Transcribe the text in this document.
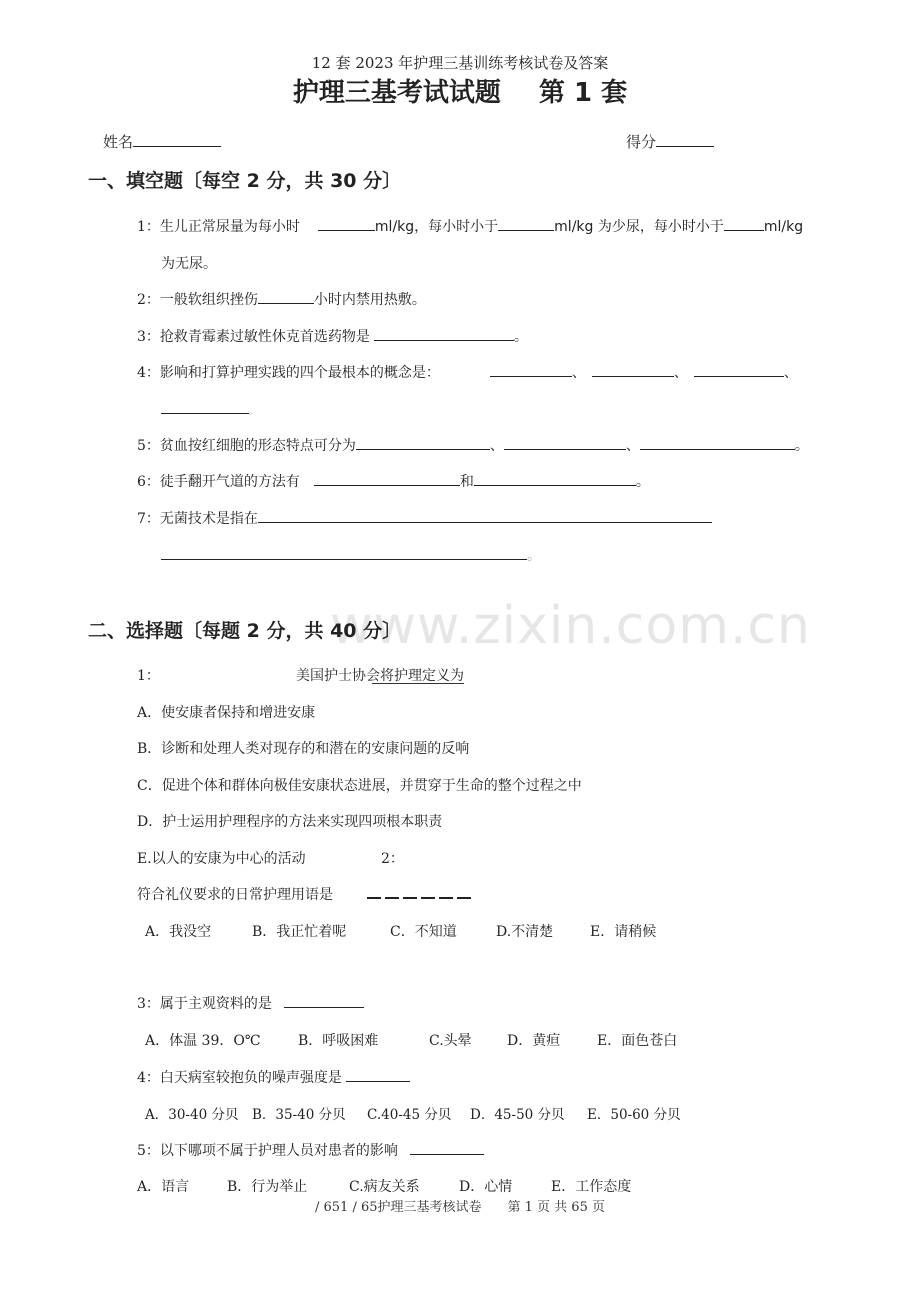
12 套 2023 年护理三基训练考核试卷及答案
护理三基考试试题 第 1 套
姓名	得分
一、填空题〔每空 2 分，共 30 分〕
1：生儿正常尿量为每小时	ml/kg，每小时小于	ml/kg 为少尿，每小时小于	ml/kg
为无尿。
2：一般软组织挫伤	小时内禁用热敷。
3：抢救青霉素过敏性休克首选药物是	。
4：影响和打算护理实践的四个最根本的概念是：	、	、	、
。
5：贫血按红细胞的形态特点可分为	、	、	。
6：徒手翻开气道的方法有	和	。
7：无菌技术是指在
。
www.zixin.com.cn
二、选择题〔每题 2 分，共 40 分〕
1：	美国护士协会将护理定义为
A．使安康者保持和增进安康
B．诊断和处理人类对现存的和潜在的安康问题的反响
C．促进个体和群体向极佳安康状态进展，并贯穿于生命的整个过程之中
D．护士运用护理程序的方法来实现四项根本职责
E.以人的安康为中心的活动	2：
符合礼仪要求的日常护理用语是
A．我没空	B．我正忙着呢	C．不知道	D.不清楚	E．请稍候
3：属于主观资料的是
A．体温 39．O℃	B．呼吸困难	C.头晕	D．黄疸	E．面色苍白
4：白天病室较抱负的噪声强度是
A．30-40 分贝 B．35-40 分贝 C.40-45 分贝 D．45-50 分贝 E．50-60 分贝
5：以下哪项不属于护理人员对患者的影响
A．语言	B．行为举止	C.病友关系	D．心情	E．工作态度
/ 651 / 65护理三基考核试卷　　第 1 页 共 65 页
